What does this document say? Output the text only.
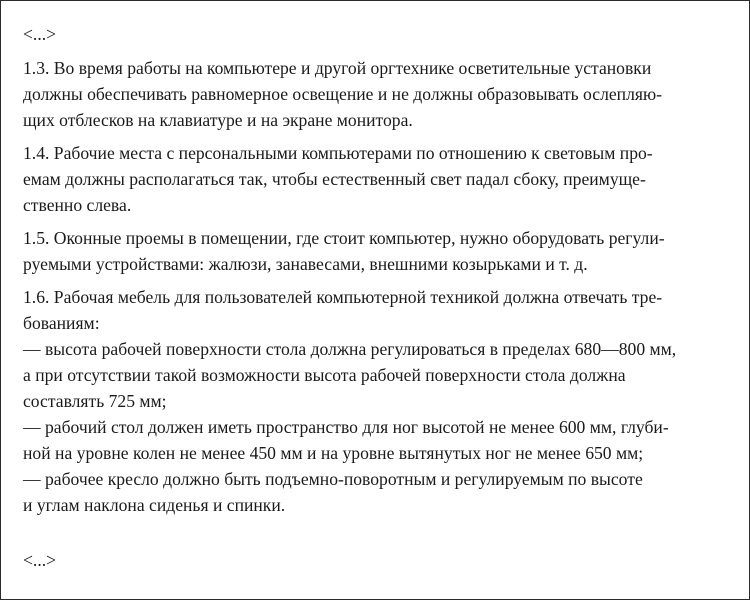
<...>

1.3. Во время работы на компьютере и другой оргтехнике осветительные установки
должны обеспечивать равномерное освещение и не должны образовывать ослепляю-
щих отблесков на клавиатуре и на экране монитора.

1.4. Рабочие места с персональными компьютерами по отношению к световым про-
емам должны располагаться так, чтобы естественный свет падал сбоку, преимуще-
ственно слева.

1.5. Оконные проемы в помещении, где стоит компьютер, нужно оборудовать регули-
руемыми устройствами: жалюзи, занавесами, внешними козырьками и т. д.

1.6. Рабочая мебель для пользователей компьютерной техникой должна отвечать тре-
бованиям:
— высота рабочей поверхности стола должна регулироваться в пределах 680—800 мм,
а при отсутствии такой возможности высота рабочей поверхности стола должна
составлять 725 мм;
— рабочий стол должен иметь пространство для ног высотой не менее 600 мм, глуби-
ной на уровне колен не менее 450 мм и на уровне вытянутых ног не менее 650 мм;
— рабочее кресло должно быть подъемно-поворотным и регулируемым по высоте
и углам наклона сиденья и спинки.

<...>
